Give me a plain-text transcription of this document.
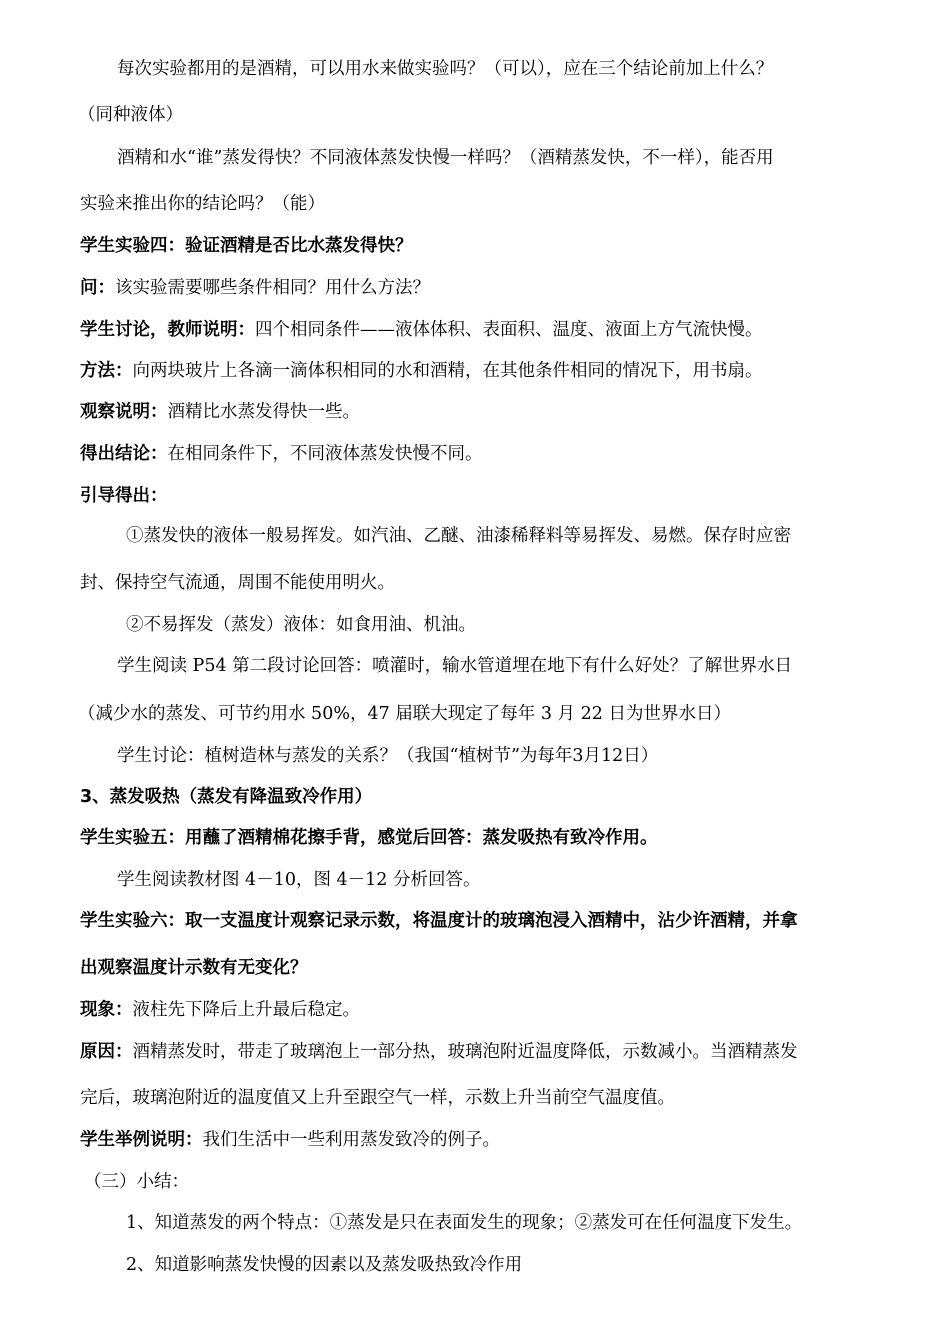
每次实验都用的是酒精，可以用水来做实验吗？（可以），应在三个结论前加上什么？
（同种液体）
酒精和水“谁”蒸发得快？不同液体蒸发快慢一样吗？（酒精蒸发快，不一样），能否用
实验来推出你的结论吗？（能）
学生实验四：验证酒精是否比水蒸发得快？
问：该实验需要哪些条件相同？用什么方法？
学生讨论，教师说明：四个相同条件——液体体积、表面积、温度、液面上方气流快慢。
方法：向两块玻片上各滴一滴体积相同的水和酒精，在其他条件相同的情况下，用书扇。
观察说明：酒精比水蒸发得快一些。
得出结论：在相同条件下，不同液体蒸发快慢不同。
引导得出：
①蒸发快的液体一般易挥发。如汽油、乙醚、油漆稀释料等易挥发、易燃。保存时应密
封、保持空气流通，周围不能使用明火。
②不易挥发（蒸发）液体：如食用油、机油。
学生阅读 P54 第二段讨论回答：喷灌时，输水管道埋在地下有什么好处？了解世界水日
（减少水的蒸发、可节约用水 50%，47 届联大现定了每年 3 月 22 日为世界水日）
学生讨论：植树造林与蒸发的关系？（我国“植树节”为每年3月12日）
3、蒸发吸热（蒸发有降温致冷作用）
学生实验五：用蘸了酒精棉花擦手背，感觉后回答：蒸发吸热有致冷作用。
学生阅读教材图 4－10，图 4－12 分析回答。
学生实验六：取一支温度计观察记录示数，将温度计的玻璃泡浸入酒精中，沾少许酒精，并拿
出观察温度计示数有无变化？
现象：液柱先下降后上升最后稳定。
原因：酒精蒸发时，带走了玻璃泡上一部分热，玻璃泡附近温度降低，示数减小。当酒精蒸发
完后，玻璃泡附近的温度值又上升至跟空气一样，示数上升当前空气温度值。
学生举例说明：我们生活中一些利用蒸发致冷的例子。
（三）小结：
1、知道蒸发的两个特点：①蒸发是只在表面发生的现象；②蒸发可在任何温度下发生。
2、知道影响蒸发快慢的因素以及蒸发吸热致冷作用
